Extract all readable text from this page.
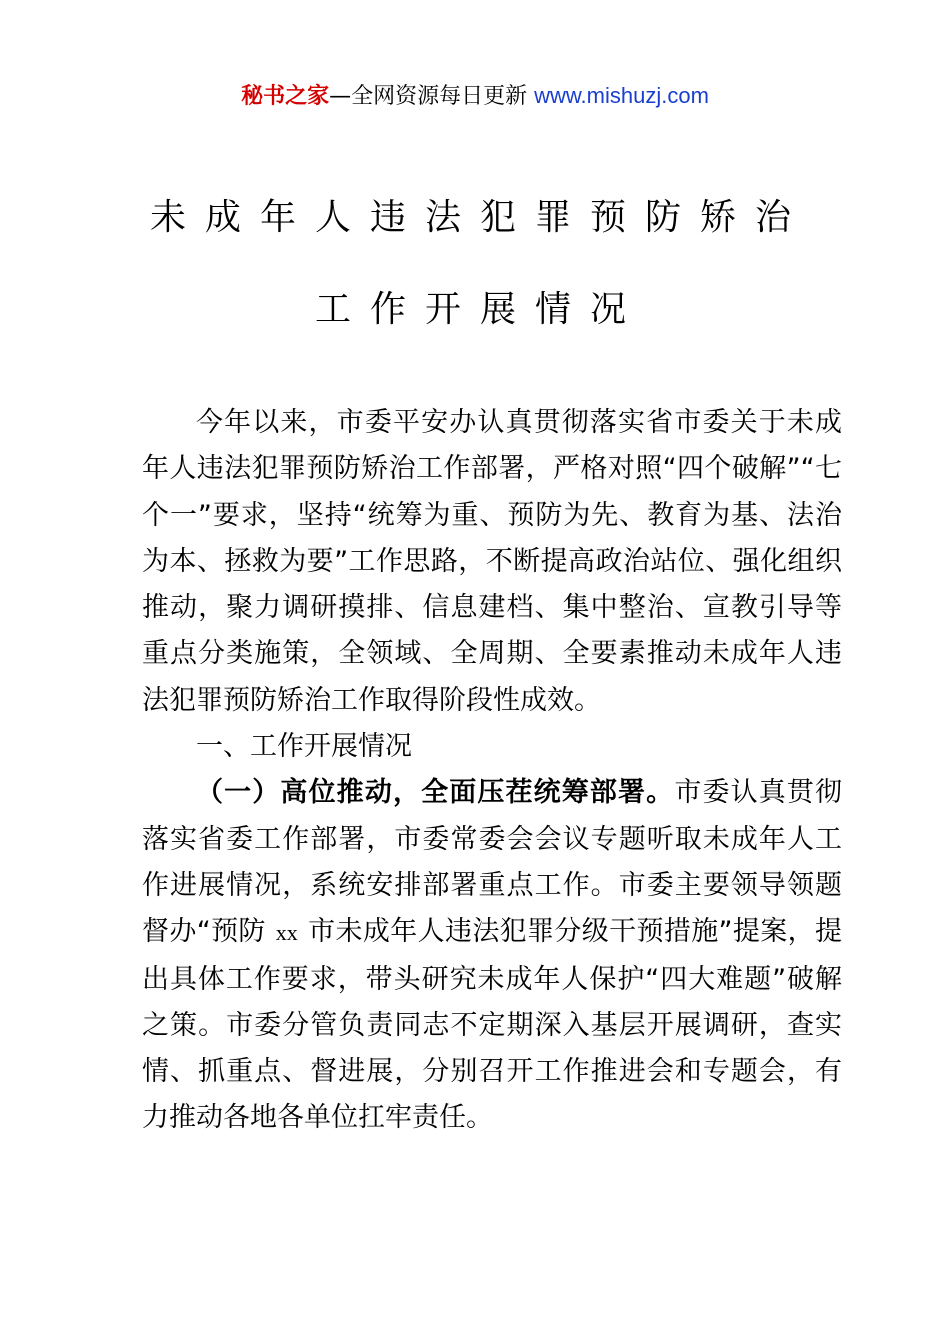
秘书之家—全网资源每日更新 www.mishuzj.com
未成年人违法犯罪预防矫治
工作开展情况

今年以来，市委平安办认真贯彻落实省市委关于未成年人违法犯罪预防矫治工作部署，严格对照“四个破解”“七个一”要求，坚持“统筹为重、预防为先、教育为基、法治为本、拯救为要”工作思路，不断提高政治站位、强化组织推动，聚力调研摸排、信息建档、集中整治、宣教引导等重点分类施策，全领域、全周期、全要素推动未成年人违法犯罪预防矫治工作取得阶段性成效。

一、工作开展情况

（一）高位推动，全面压茬统筹部署。市委认真贯彻落实省委工作部署，市委常委会会议专题听取未成年人工作进展情况，系统安排部署重点工作。市委主要领导领题督办“预防 xx 市未成年人违法犯罪分级干预措施”提案，提出具体工作要求，带头研究未成年人保护“四大难题”破解之策。市委分管负责同志不定期深入基层开展调研，查实情、抓重点、督进展，分别召开工作推进会和专题会，有力推动各地各单位扛牢责任。
